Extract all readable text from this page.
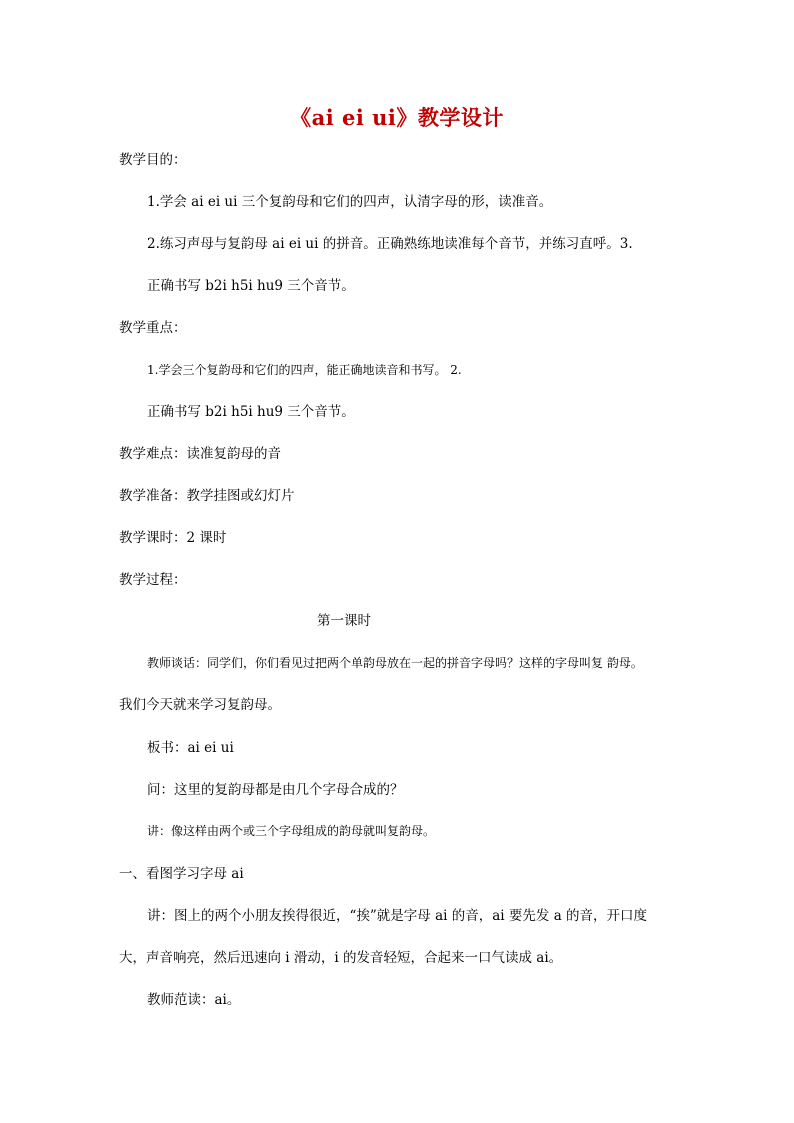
《ai ei ui》教学设计
教学目的：
1.学会 ai ei ui 三个复韵母和它们的四声，认清字母的形，读准音。
2.练习声母与复韵母 ai ei ui 的拼音。正确熟练地读准每个音节，并练习直呼。3.
正确书写 b2i h5i hu9 三个音节。
教学重点：
1.学会三个复韵母和它们的四声，能正确地读音和书写。 2.
正确书写 b2i h5i hu9 三个音节。
教学难点：读准复韵母的音
教学准备：教学挂图或幻灯片
教学课时：2 课时
教学过程：
第一课时
教师谈话：同学们，你们看见过把两个单韵母放在一起的拼音字母吗？这样的字母叫复 韵母。
我们今天就来学习复韵母。
板书：ai ei ui
问：这里的复韵母都是由几个字母合成的？
讲：像这样由两个或三个字母组成的韵母就叫复韵母。
一、看图学习字母 ai
讲：图上的两个小朋友挨得很近，“挨”就是字母 ai 的音，ai 要先发 a 的音，开口度
大，声音响亮，然后迅速向 i 滑动，i 的发音轻短，合起来一口气读成 ai。
教师范读：ai。
